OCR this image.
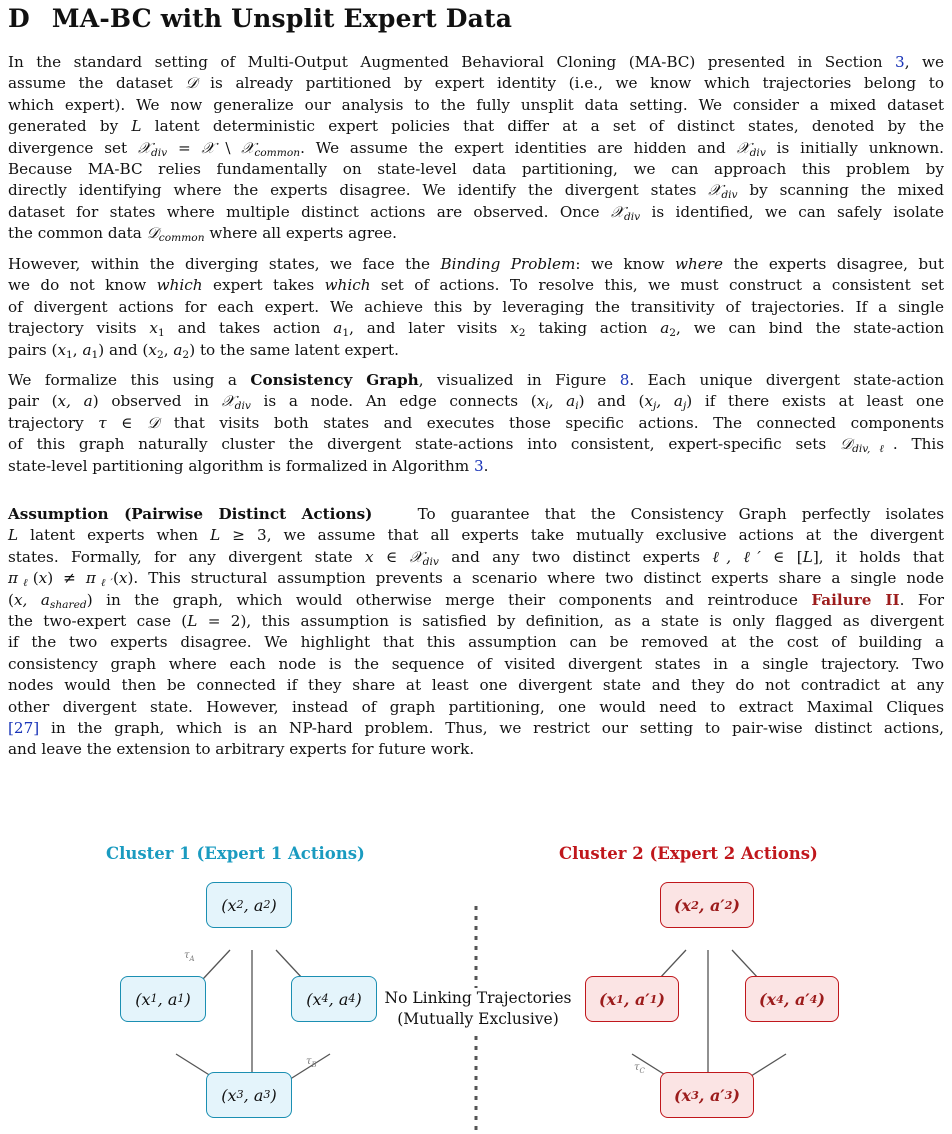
D MA-BC with Unsplit Expert Data
In the standard setting of Multi-Output Augmented Behavioral Cloning (MA-BC) presented in Section 3, we
assume the dataset 𝒟 is already partitioned by expert identity (i.e., we know which trajectories belong to
which expert). We now generalize our analysis to the fully unsplit data setting. We consider a mixed dataset
generated by L latent deterministic expert policies that differ at a set of distinct states, denoted by the
divergence set 𝒳$_{div}$ = 𝒳 \ 𝒳$_{common}$. We assume the expert identities are hidden and 𝒳$_{div}$ is initially unknown.
Because MA-BC relies fundamentally on state-level data partitioning, we can approach this problem by
directly identifying where the experts disagree. We identify the divergent states 𝒳$_{div}$ by scanning the mixed
dataset for states where multiple distinct actions are observed. Once 𝒳$_{div}$ is identified, we can safely isolate
the common data 𝒟$_{common}$ where all experts agree.
However, within the diverging states, we face the Binding Problem: we know where the experts disagree, but
we do not know which expert takes which set of actions. To resolve this, we must construct a consistent set
of divergent actions for each expert. We achieve this by leveraging the transitivity of trajectories. If a single
trajectory visits $x_1$ and takes action $a_1$, and later visits $x_2$ taking action $a_2$, we can bind the state-action
pairs ($x_1$, $a_1$) and ($x_2$, $a_2$) to the same latent expert.
We formalize this using a Consistency Graph, visualized in Figure 8. Each unique divergent state-action
pair (x, a) observed in 𝒳$_{div}$ is a node. An edge connects ($x_i$, $a_i$) and ($x_j$, $a_j$) if there exists at least one
trajectory τ ∈ 𝒟 that visits both states and executes those specific actions. The connected components
of this graph naturally cluster the divergent state-actions into consistent, expert-specific sets 𝒟$_{div,\ell}$. This
state-level partitioning algorithm is formalized in Algorithm 3.
Assumption (Pairwise Distinct Actions)	To guarantee that the Consistency Graph perfectly isolates
L latent experts when L ≥ 3, we assume that all experts take mutually exclusive actions at the divergent
states. Formally, for any divergent state x ∈ 𝒳$_{div}$ and any two distinct experts ℓ, ℓ′ ∈ [L], it holds that
$\pi_\ell(x) \ne \pi_{\ell'}(x)$. This structural assumption prevents a scenario where two distinct experts share a single node
(x, $a_{shared}$) in the graph, which would otherwise merge their components and reintroduce Failure II. For
the two-expert case (L = 2), this assumption is satisfied by definition, as a state is only flagged as divergent
if the two experts disagree. We highlight that this assumption can be removed at the cost of building a
consistency graph where each node is the sequence of visited divergent states in a single trajectory. Two
nodes would then be connected if they share at least one divergent state and they do not contradict at any
other divergent state. However, instead of graph partitioning, one would need to extract Maximal Cliques
[27] in the graph, which is an NP-hard problem. Thus, we restrict our setting to pair-wise distinct actions,
and leave the extension to arbitrary experts for future work.
Cluster 1 (Expert 1 Actions)	Cluster 2 (Expert 2 Actions)
(x 2 , a 2 )
(x 1 , a 1 )	(x 4 , a 4 )
(x 3 , a 3 )
$\tau_A$
$\tau_B$
No Linking Trajectories
(Mutually Exclusive)
(x 2 , a′ 2 )
(x 1 , a′ 1 )	(x 4 , a′ 4 )
(x 3 , a′ 3 )
$\tau_C$
